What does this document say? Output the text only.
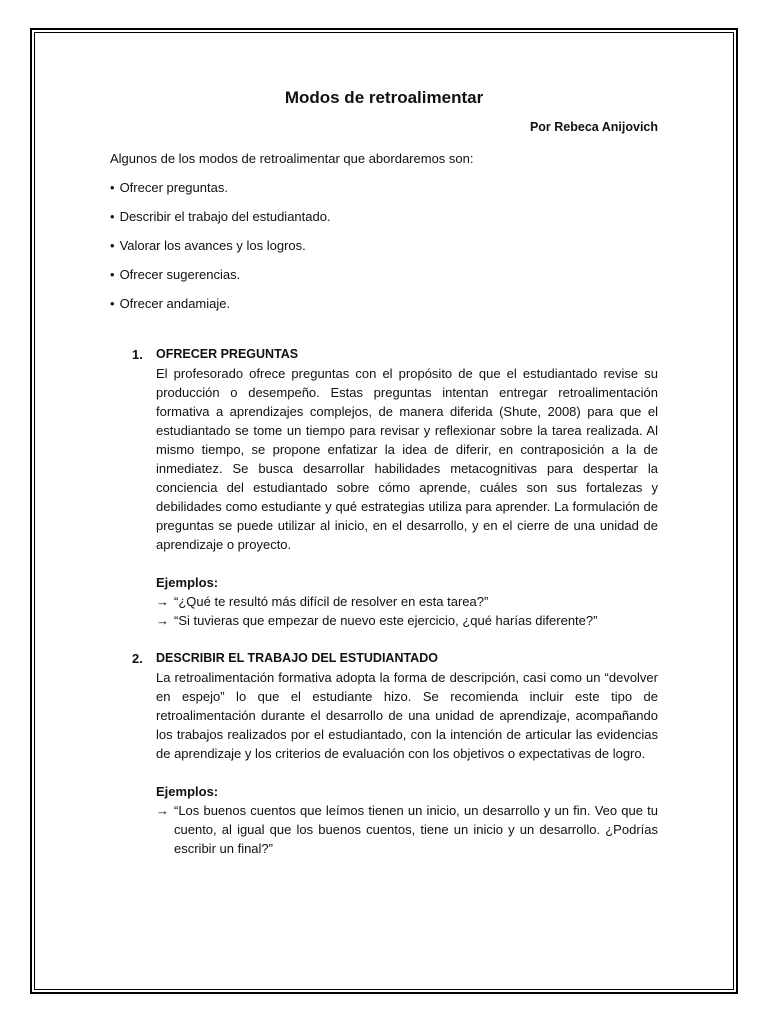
Modos de retroalimentar
Por Rebeca Anijovich

Algunos de los modos de retroalimentar que abordaremos son:

• Ofrecer preguntas.
• Describir el trabajo del estudiantado.
• Valorar los avances y los logros.
• Ofrecer sugerencias.
• Ofrecer andamiaje.
1. OFRECER PREGUNTAS

El profesorado ofrece preguntas con el propósito de que el estudiantado revise su producción o desempeño. Estas preguntas intentan entregar retroalimentación formativa a aprendizajes complejos, de manera diferida (Shute, 2008) para que el estudiantado se tome un tiempo para revisar y reflexionar sobre la tarea realizada. Al mismo tiempo, se propone enfatizar la idea de diferir, en contraposición a la de inmediatez. Se busca desarrollar habilidades metacognitivas para despertar la conciencia del estudiantado sobre cómo aprende, cuáles son sus fortalezas y debilidades como estudiante y qué estrategias utiliza para aprender. La formulación de preguntas se puede utilizar al inicio, en el desarrollo, y en el cierre de una unidad de aprendizaje o proyecto.

Ejemplos:

→ “¿Qué te resultó más difícil de resolver en esta tarea?”

→ “Si tuvieras que empezar de nuevo este ejercicio, ¿qué harías diferente?”

2. DESCRIBIR EL TRABAJO DEL ESTUDIANTADO

La retroalimentación formativa adopta la forma de descripción, casi como un “devolver en espejo” lo que el estudiante hizo. Se recomienda incluir este tipo de retroalimentación durante el desarrollo de una unidad de aprendizaje, acompañando los trabajos realizados por el estudiantado, con la intención de articular las evidencias de aprendizaje y los criterios de evaluación con los objetivos o expectativas de logro.

Ejemplos:

→ “Los buenos cuentos que leímos tienen un inicio, un desarrollo y un fin. Veo que tu cuento, al igual que los buenos cuentos, tiene un inicio y un desarrollo. ¿Podrías escribir un final?”
